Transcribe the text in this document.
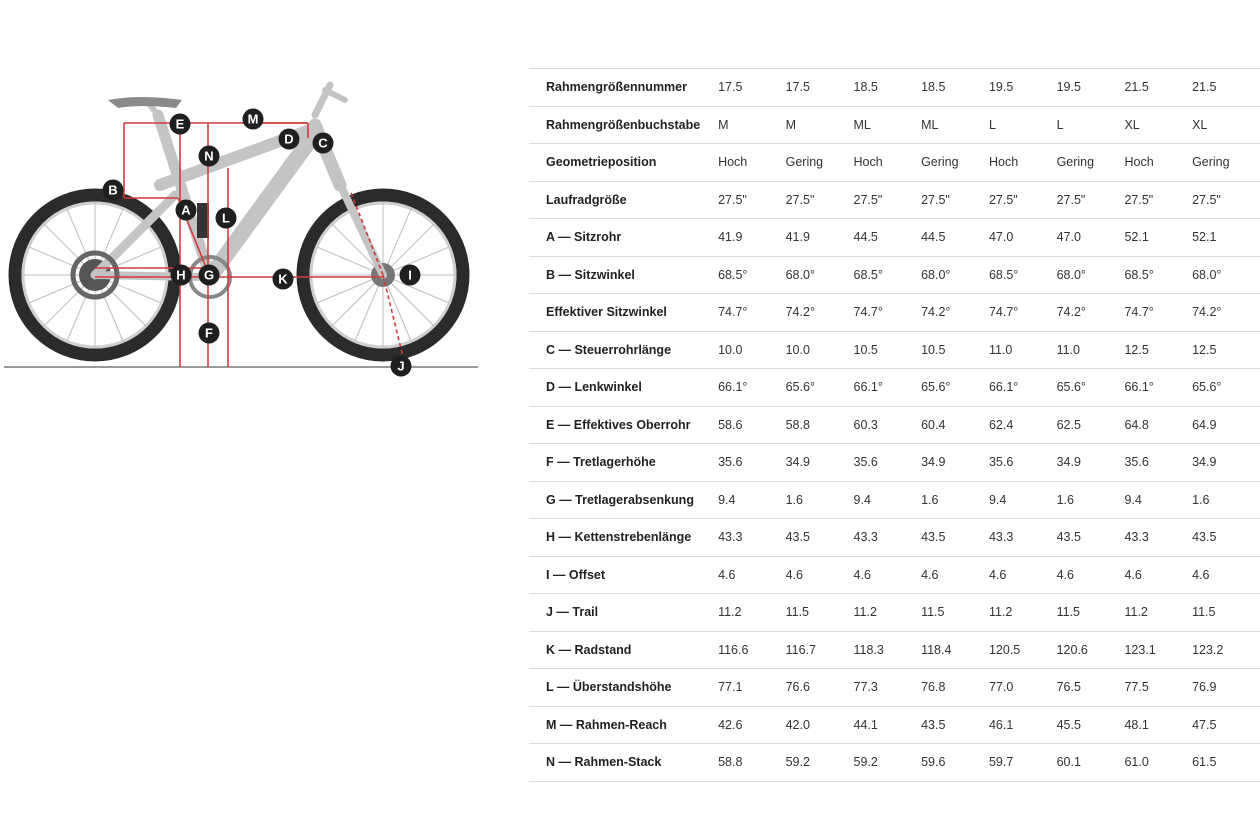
A
B
C
D
E
F
G
H	I
J
K
L
M
N
Rahmengrößennummer	17.5	17.5	18.5	18.5	19.5	19.5	21.5	21.5
Rahmengrößenbuchstabe	M	M	ML	ML	L	L	XL	XL
Geometrieposition	Hoch	Gering	Hoch	Gering	Hoch	Gering	Hoch	Gering
Laufradgröße	27.5"	27.5"	27.5"	27.5"	27.5"	27.5"	27.5"	27.5"
A — Sitzrohr	41.9	41.9	44.5	44.5	47.0	47.0	52.1	52.1
B — Sitzwinkel	68.5°	68.0°	68.5°	68.0°	68.5°	68.0°	68.5°	68.0°
Effektiver Sitzwinkel	74.7°	74.2°	74.7°	74.2°	74.7°	74.2°	74.7°	74.2°
C — Steuerrohrlänge	10.0	10.0	10.5	10.5	11.0	11.0	12.5	12.5
D — Lenkwinkel	66.1°	65.6°	66.1°	65.6°	66.1°	65.6°	66.1°	65.6°
E — Effektives Oberrohr	58.6	58.8	60.3	60.4	62.4	62.5	64.8	64.9
F — Tretlagerhöhe	35.6	34.9	35.6	34.9	35.6	34.9	35.6	34.9
G — Tretlagerabsenkung	9.4	1.6	9.4	1.6	9.4	1.6	9.4	1.6
H — Kettenstrebenlänge	43.3	43.5	43.3	43.5	43.3	43.5	43.3	43.5
I — Offset	4.6	4.6	4.6	4.6	4.6	4.6	4.6	4.6
J — Trail	11.2	11.5	11.2	11.5	11.2	11.5	11.2	11.5
K — Radstand	116.6	116.7	118.3	118.4	120.5	120.6	123.1	123.2
L — Überstandshöhe	77.1	76.6	77.3	76.8	77.0	76.5	77.5	76.9
M — Rahmen-Reach	42.6	42.0	44.1	43.5	46.1	45.5	48.1	47.5
N — Rahmen-Stack	58.8	59.2	59.2	59.6	59.7	60.1	61.0	61.5
